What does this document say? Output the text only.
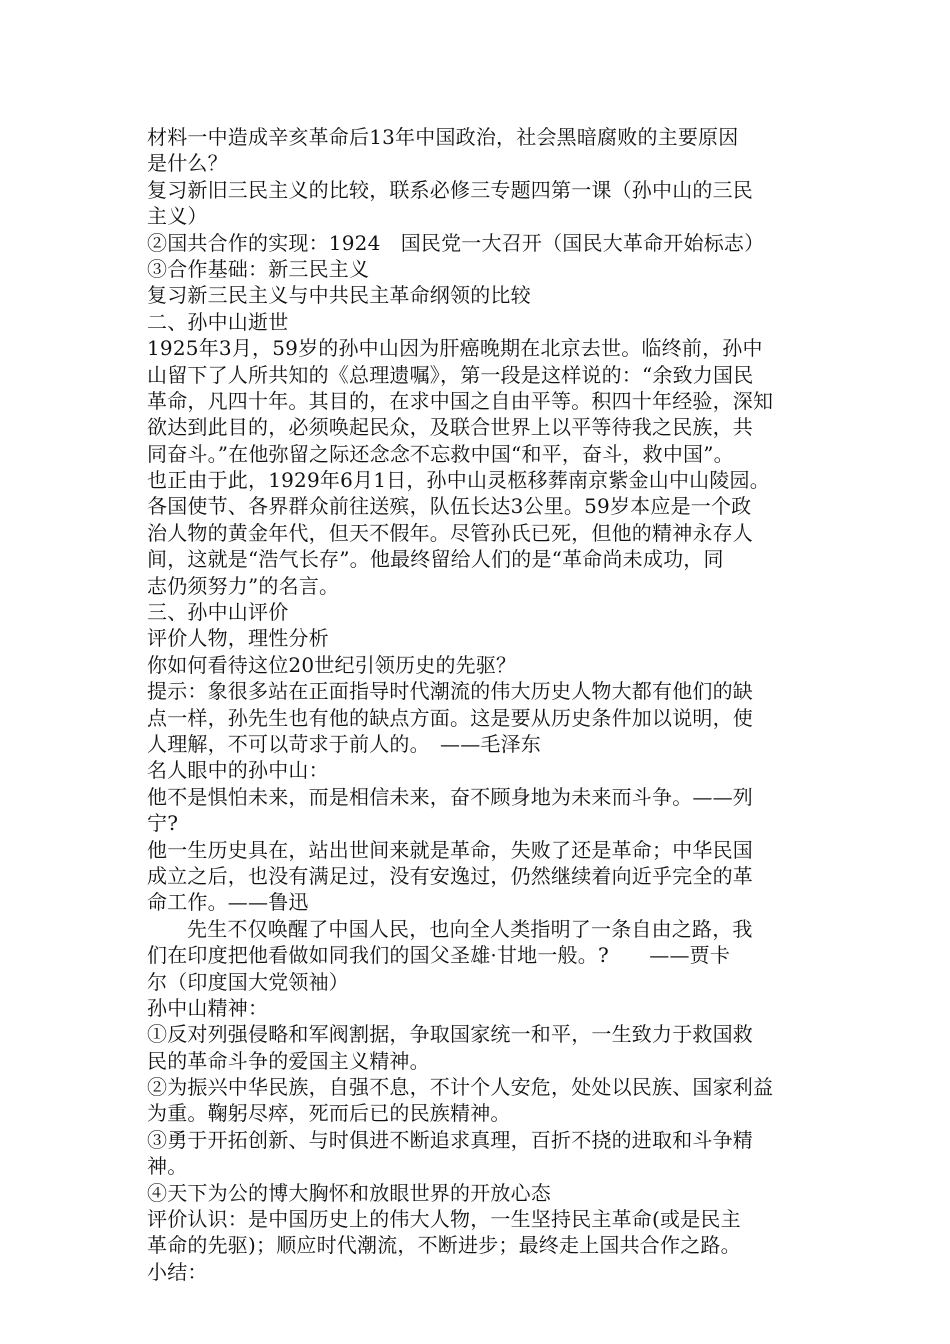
材料一中造成辛亥革命后13年中国政治，社会黑暗腐败的主要原因
是什么？
复习新旧三民主义的比较，联系必修三专题四第一课（孙中山的三民
主义）
②国共合作的实现：1924　国民党一大召开（国民大革命开始标志）
③合作基础：新三民主义
复习新三民主义与中共民主革命纲领的比较
二、孙中山逝世
1925年3月，59岁的孙中山因为肝癌晚期在北京去世。临终前，孙中
山留下了人所共知的《总理遗嘱》，第一段是这样说的：“余致力国民
革命，凡四十年。其目的，在求中国之自由平等。积四十年经验，深知
欲达到此目的，必须唤起民众，及联合世界上以平等待我之民族，共
同奋斗。”在他弥留之际还念念不忘救中国“和平，奋斗，救中国”。
也正由于此，1929年6月1日，孙中山灵柩移葬南京紫金山中山陵园。
各国使节、各界群众前往送殡，队伍长达3公里。59岁本应是一个政
治人物的黄金年代，但天不假年。尽管孙氏已死，但他的精神永存人
间，这就是“浩气长存”。他最终留给人们的是“革命尚未成功，同
志仍须努力”的名言。
三、孙中山评价
评价人物，理性分析
你如何看待这位20世纪引领历史的先驱？
提示：象很多站在正面指导时代潮流的伟大历史人物大都有他们的缺
点一样，孙先生也有他的缺点方面。这是要从历史条件加以说明，使
人理解，不可以苛求于前人的。　——毛泽东
名人眼中的孙中山：
他不是惧怕未来，而是相信未来，奋不顾身地为未来而斗争。——列
宁?
他一生历史具在，站出世间来就是革命，失败了还是革命；中华民国
成立之后，也没有满足过，没有安逸过，仍然继续着向近乎完全的革
命工作。——鲁迅
先生不仅唤醒了中国人民，也向全人类指明了一条自由之路，我
们在印度把他看做如同我们的国父圣雄·甘地一般。?　　——贾卡
尔（印度国大党领袖）
孙中山精神：
①反对列强侵略和军阀割据，争取国家统一和平，一生致力于救国救
民的革命斗争的爱国主义精神。
②为振兴中华民族，自强不息，不计个人安危，处处以民族、国家利益
为重。鞠躬尽瘁，死而后已的民族精神。
③勇于开拓创新、与时俱进不断追求真理，百折不挠的进取和斗争精
神。
④天下为公的博大胸怀和放眼世界的开放心态
评价认识：是中国历史上的伟大人物，一生坚持民主革命(或是民主
革命的先驱)；顺应时代潮流，不断进步；最终走上国共合作之路。
小结：
